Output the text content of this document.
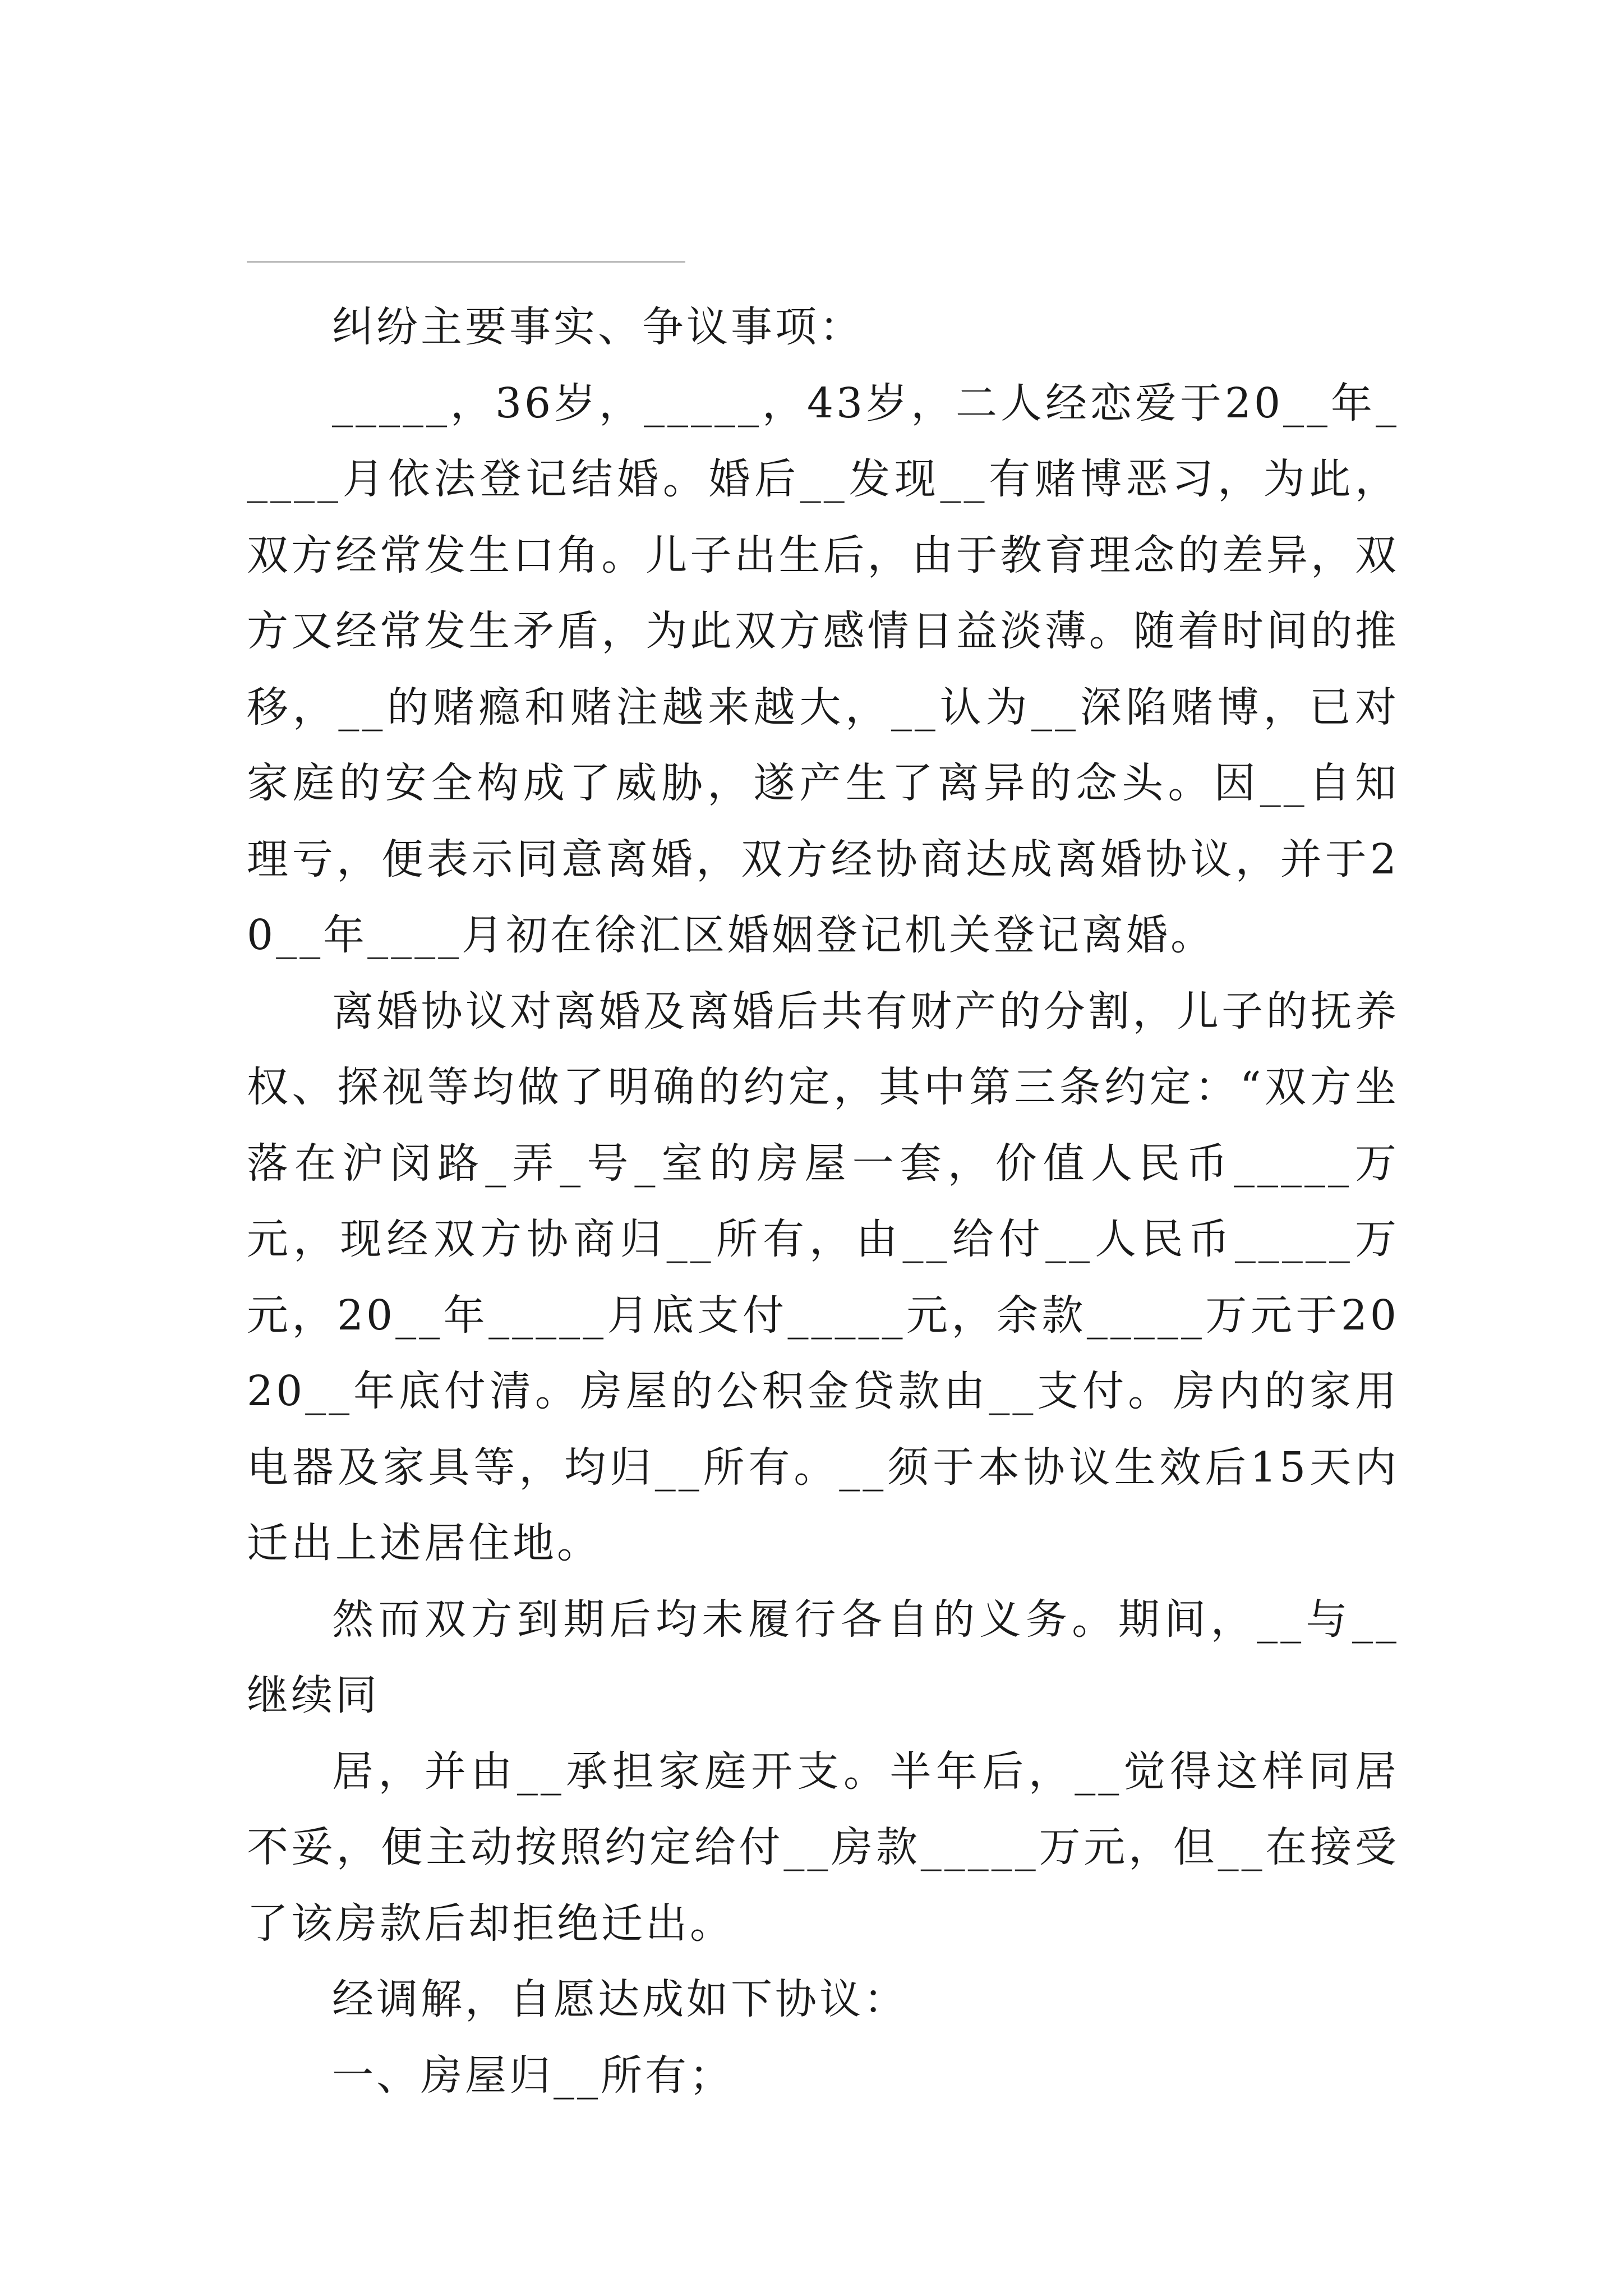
纠纷主要事实、争议事项：

_____，36岁，_____，43岁，二人经恋爱于20__年_____月依法登记结婚。婚后__发现__有赌博恶习，为此，双方经常发生口角。儿子出生后，由于教育理念的差异，双方又经常发生矛盾，为此双方感情日益淡薄。随着时间的推移，__的赌瘾和赌注越来越大，__认为__深陷赌博，已对家庭的安全构成了威胁，遂产生了离异的念头。因__自知理亏，便表示同意离婚，双方经协商达成离婚协议，并于20__年____月初在徐汇区婚姻登记机关登记离婚。

离婚协议对离婚及离婚后共有财产的分割，儿子的抚养权、探视等均做了明确的约定，其中第三条约定：“双方坐落在沪闵路_弄_号_室的房屋一套，价值人民币_____万元，现经双方协商归__所有，由__给付__人民币_____万元，20__年_____月底支付_____元，余款_____万元于2020__年底付清。房屋的公积金贷款由__支付。房内的家用电器及家具等，均归__所有。__须于本协议生效后15天内迁出上述居住地。

然而双方到期后均未履行各自的义务。期间，__与__继续同

居，并由__承担家庭开支。半年后，__觉得这样同居不妥，便主动按照约定给付__房款_____万元，但__在接受了该房款后却拒绝迁出。

经调解，自愿达成如下协议：

一、房屋归__所有；
